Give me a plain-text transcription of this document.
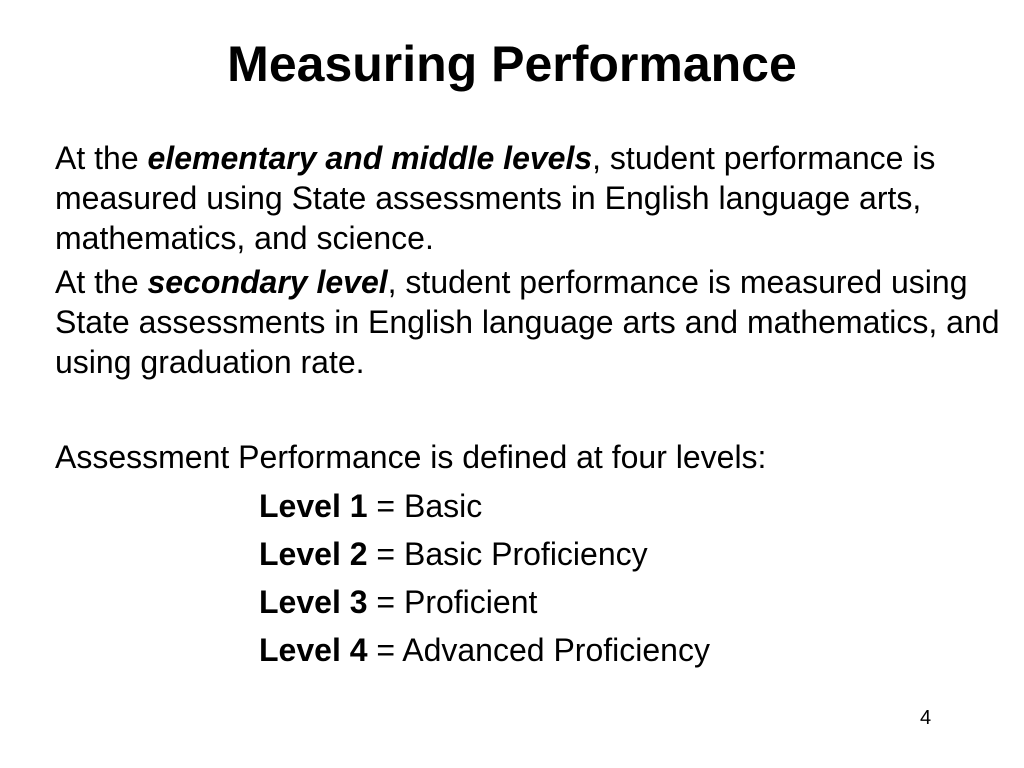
Measuring Performance

At the elementary and middle levels, student performance is measured using State assessments in English language arts, mathematics, and science.

At the secondary level, student performance is measured using State assessments in English language arts and mathematics, and using graduation rate.

Assessment Performance is defined at four levels:

Level 1 = Basic
Level 2 = Basic Proficiency
Level 3 = Proficient
Level 4 = Advanced Proficiency
4
